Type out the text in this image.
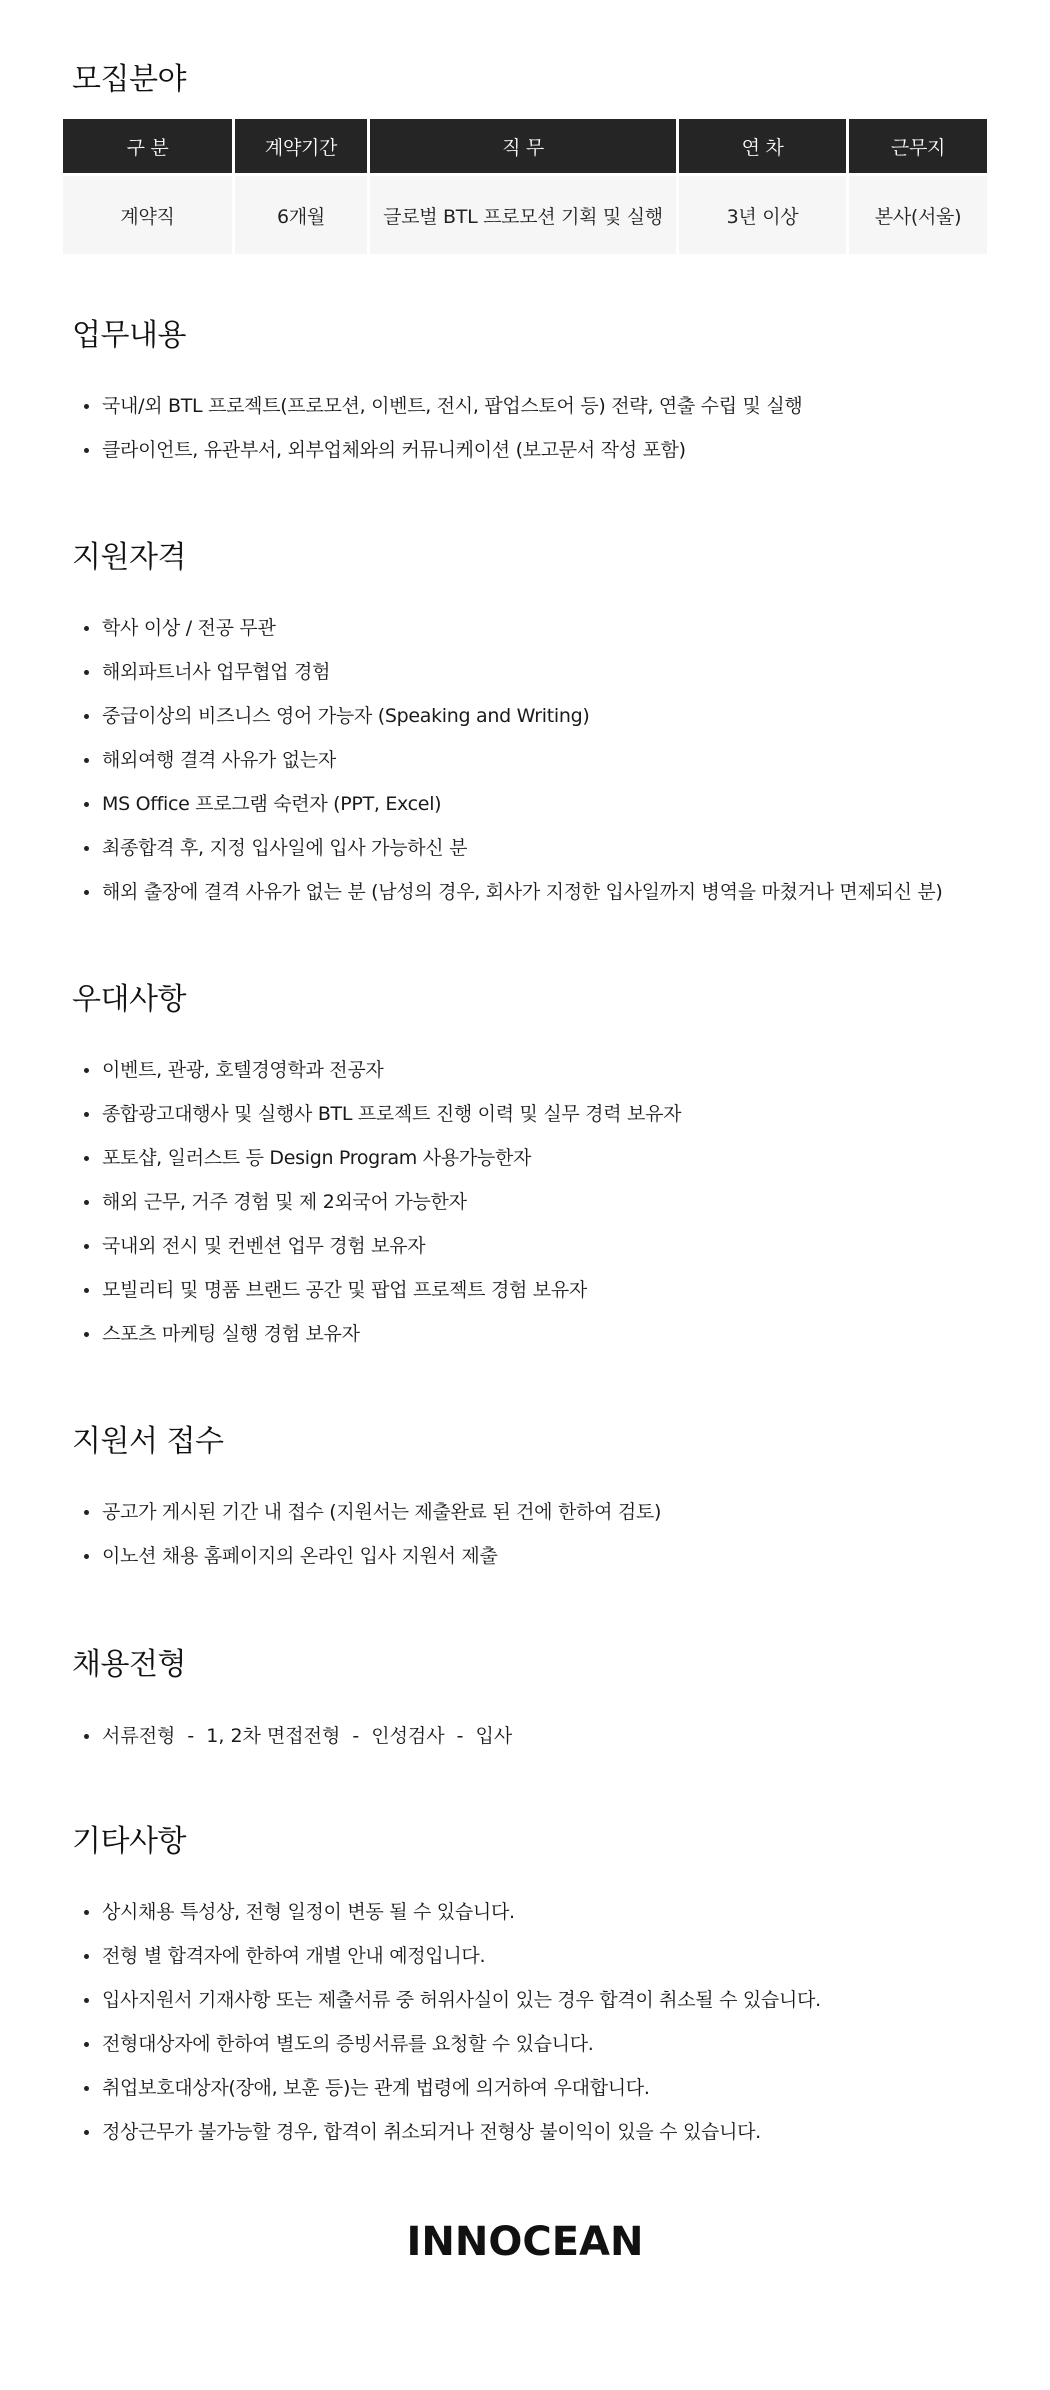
모집분야
구 분	계약기간	직 무	연 차	근무지
계약직	6개월	글로벌 BTL 프로모션 기획 및 실행	3년 이상	본사(서울)
업무내용
국내/외 BTL 프로젝트(프로모션, 이벤트, 전시, 팝업스토어 등) 전략, 연출 수립 및 실행
클라이언트, 유관부서, 외부업체와의 커뮤니케이션 (보고문서 작성 포함)
지원자격
학사 이상 / 전공 무관
해외파트너사 업무협업 경험
중급이상의 비즈니스 영어 가능자 (Speaking and Writing)
해외여행 결격 사유가 없는자
MS Office 프로그램 숙련자 (PPT, Excel)
최종합격 후, 지정 입사일에 입사 가능하신 분
해외 출장에 결격 사유가 없는 분 (남성의 경우, 회사가 지정한 입사일까지 병역을 마쳤거나 면제되신 분)
우대사항
이벤트, 관광, 호텔경영학과 전공자
종합광고대행사 및 실행사 BTL 프로젝트 진행 이력 및 실무 경력 보유자
포토샵, 일러스트 등 Design Program 사용가능한자
해외 근무, 거주 경험 및 제 2외국어 가능한자
국내외 전시 및 컨벤션 업무 경험 보유자
모빌리티 및 명품 브랜드 공간 및 팝업 프로젝트 경험 보유자
스포츠 마케팅 실행 경험 보유자
지원서 접수
공고가 게시된 기간 내 접수 (지원서는 제출완료 된 건에 한하여 검토)
이노션 채용 홈페이지의 온라인 입사 지원서 제출
채용전형
서류전형 - 1, 2차 면접전형 - 인성검사 - 입사
기타사항
상시채용 특성상, 전형 일정이 변동 될 수 있습니다.
전형 별 합격자에 한하여 개별 안내 예정입니다.
입사지원서 기재사항 또는 제출서류 중 허위사실이 있는 경우 합격이 취소될 수 있습니다.
전형대상자에 한하여 별도의 증빙서류를 요청할 수 있습니다.
취업보호대상자(장애, 보훈 등)는 관계 법령에 의거하여 우대합니다.
정상근무가 불가능할 경우, 합격이 취소되거나 전형상 불이익이 있을 수 있습니다.
INNOCEAN
